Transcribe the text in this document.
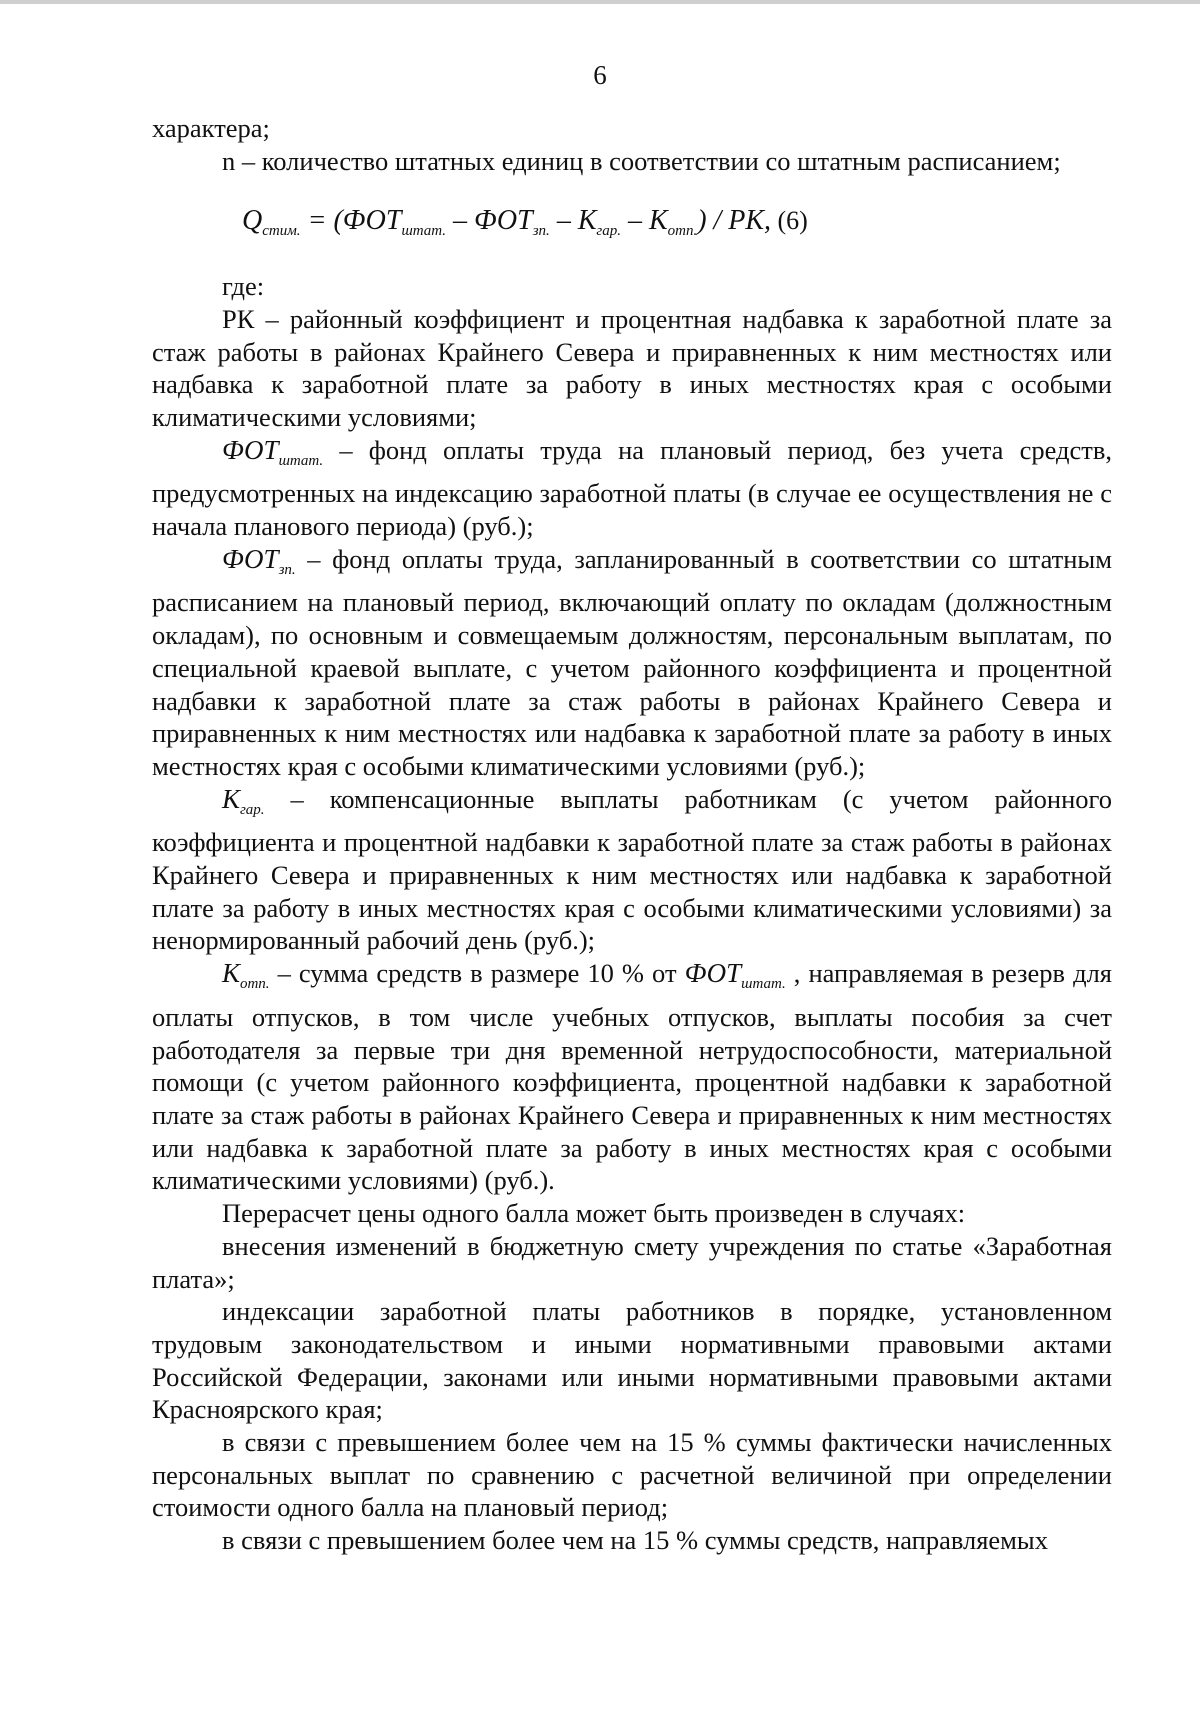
6

характера;

n – количество штатных единиц в соответствии со штатным расписанием;

$Q_{стим.} = (ФОТ_{штат.} - ФОТ_{зп.} - К_{гар.} - К_{отп.})$ / РК, (6)

где:

РК – районный коэффициент и процентная надбавка к заработной плате за стаж работы в районах Крайнего Севера и приравненных к ним местностях или надбавка к заработной плате за работу в иных местностях края с особыми климатическими условиями;

$ФОТ_{штат.}$ – фонд оплаты труда на плановый период, без учета средств, предусмотренных на индексацию заработной платы (в случае ее осуществления не с начала планового периода) (руб.);

$ФОТ_{зп.}$ – фонд оплаты труда, запланированный в соответствии со штатным расписанием на плановый период, включающий оплату по окладам (должностным окладам), по основным и совмещаемым должностям, персональным выплатам, по специальной краевой выплате, с учетом районного коэффициента и процентной надбавки к заработной плате за стаж работы в районах Крайнего Севера и приравненных к ним местностях или надбавка к заработной плате за работу в иных местностях края с особыми климатическими условиями (руб.);

$К_{гар.}$ – компенсационные выплаты работникам (с учетом районного коэффициента и процентной надбавки к заработной плате за стаж работы в районах Крайнего Севера и приравненных к ним местностях или надбавка к заработной плате за работу в иных местностях края с особыми климатическими условиями) за ненормированный рабочий день (руб.);

$К_{отп.}$ – сумма средств в размере 10 % от $ФОТ_{штат.}$ , направляемая в резерв для оплаты отпусков, в том числе учебных отпусков, выплаты пособия за счет работодателя за первые три дня временной нетрудоспособности, материальной помощи (с учетом районного коэффициента, процентной надбавки к заработной плате за стаж работы в районах Крайнего Севера и приравненных к ним местностях или надбавка к заработной плате за работу в иных местностях края с особыми климатическими условиями) (руб.).

Перерасчет цены одного балла может быть произведен в случаях:

внесения изменений в бюджетную смету учреждения по статье «Заработная плата»;

индексации заработной платы работников в порядке, установленном трудовым законодательством и иными нормативными правовыми актами Российской Федерации, законами или иными нормативными правовыми актами Красноярского края;

в связи с превышением более чем на 15 % суммы фактически начисленных персональных выплат по сравнению с расчетной величиной при определении стоимости одного балла на плановый период;

в связи с превышением более чем на 15 % суммы средств, направляемых
